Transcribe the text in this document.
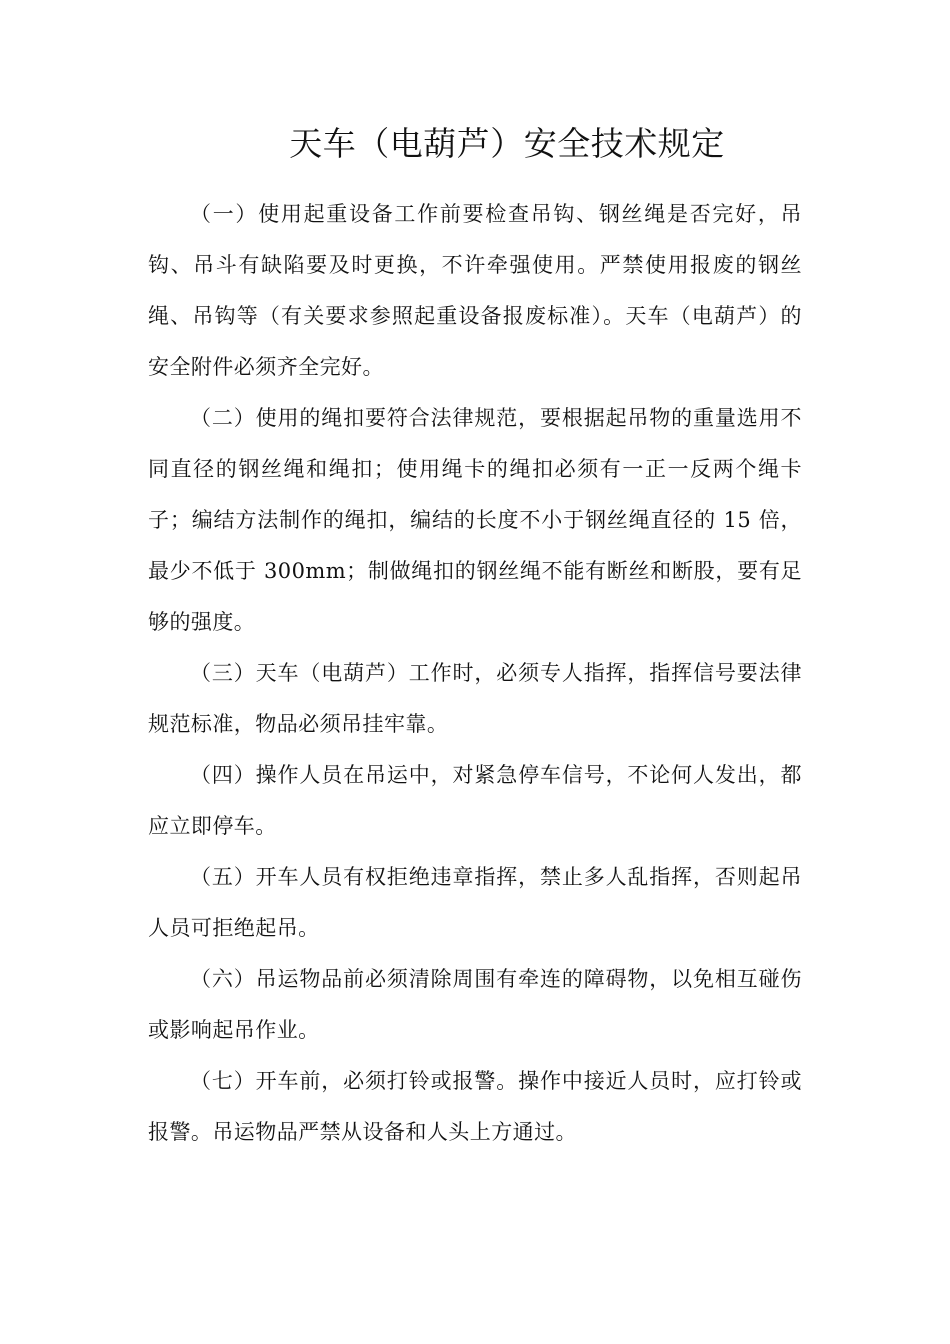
天车（电葫芦）安全技术规定

（一）使用起重设备工作前要检查吊钩、钢丝绳是否完好，吊钩、吊斗有缺陷要及时更换，不许牵强使用。严禁使用报废的钢丝绳、吊钩等（有关要求参照起重设备报废标准）。天车（电葫芦）的安全附件必须齐全完好。

（二）使用的绳扣要符合法律规范，要根据起吊物的重量选用不同直径的钢丝绳和绳扣；使用绳卡的绳扣必须有一正一反两个绳卡子；编结方法制作的绳扣，编结的长度不小于钢丝绳直径的 15 倍，最少不低于 300mm；制做绳扣的钢丝绳不能有断丝和断股，要有足够的强度。

（三）天车（电葫芦）工作时，必须专人指挥，指挥信号要法律规范标准，物品必须吊挂牢靠。

（四）操作人员在吊运中，对紧急停车信号，不论何人发出，都应立即停车。

（五）开车人员有权拒绝违章指挥，禁止多人乱指挥，否则起吊人员可拒绝起吊。

（六）吊运物品前必须清除周围有牵连的障碍物，以免相互碰伤或影响起吊作业。

（七）开车前，必须打铃或报警。操作中接近人员时，应打铃或报警。吊运物品严禁从设备和人头上方通过。
